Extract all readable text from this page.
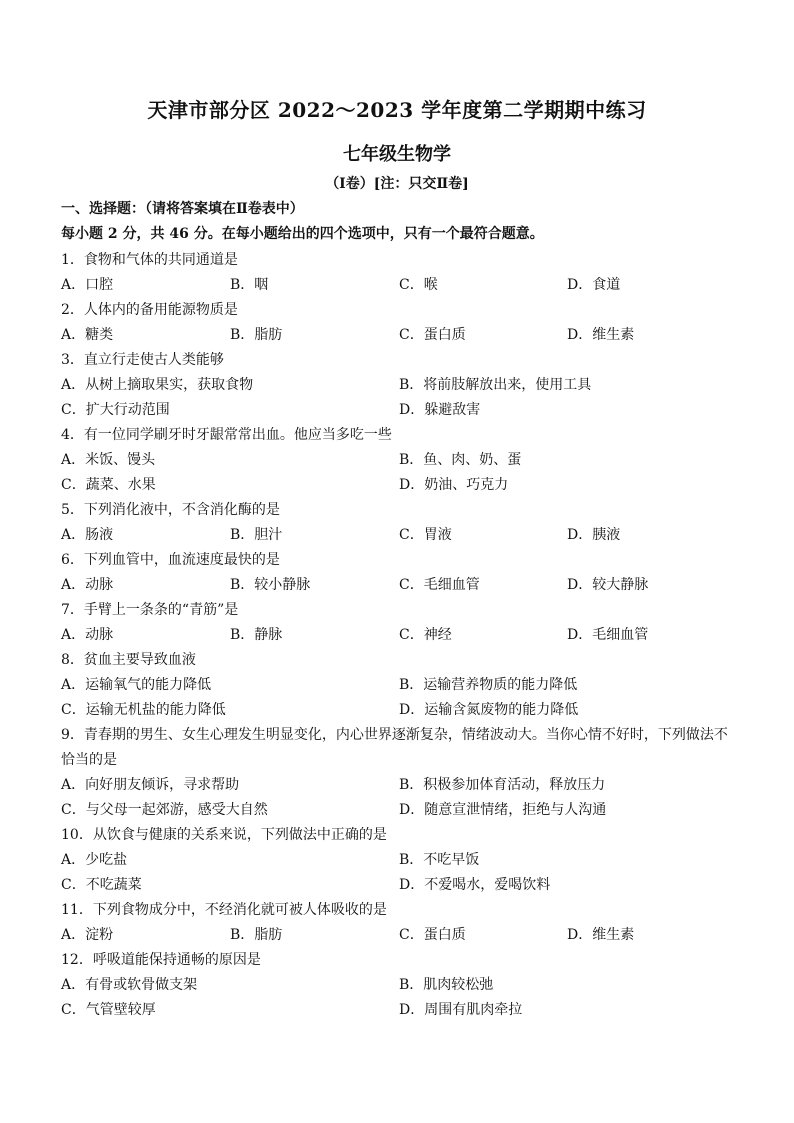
天津市部分区 2022～2023 学年度第二学期期中练习
七年级生物学
（Ⅰ卷）[注：只交Ⅱ卷]
一、选择题：（请将答案填在Ⅱ卷表中）
每小题 2 分，共 46 分。在每小题给出的四个选项中，只有一个最符合题意。
1．食物和气体的共同通道是
A．口腔	B．咽	C．喉	D．食道
2．人体内的备用能源物质是
A．糖类	B．脂肪	C．蛋白质	D．维生素
3．直立行走使古人类能够
A．从树上摘取果实，获取食物	B．将前肢解放出来，使用工具
C．扩大行动范围	D．躲避敌害
4．有一位同学刷牙时牙龈常常出血。他应当多吃一些
A．米饭、馒头	B．鱼、肉、奶、蛋
C．蔬菜、水果	D．奶油、巧克力
5．下列消化液中，不含消化酶的是
A．肠液	B．胆汁	C．胃液	D．胰液
6．下列血管中，血流速度最快的是
A．动脉	B．较小静脉	C．毛细血管	D．较大静脉
7．手臂上一条条的“青筋”是
A．动脉	B．静脉	C．神经	D．毛细血管
8．贫血主要导致血液
A．运输氧气的能力降低	B．运输营养物质的能力降低
C．运输无机盐的能力降低	D．运输含氮废物的能力降低
9．青春期的男生、女生心理发生明显变化，内心世界逐渐复杂，情绪波动大。当你心情不好时，下列做法不恰当的是
A．向好朋友倾诉，寻求帮助	B．积极参加体育活动，释放压力
C．与父母一起郊游，感受大自然	D．随意宣泄情绪，拒绝与人沟通
10．从饮食与健康的关系来说，下列做法中正确的是
A．少吃盐	B．不吃早饭
C．不吃蔬菜	D．不爱喝水，爱喝饮料
11．下列食物成分中，不经消化就可被人体吸收的是
A．淀粉	B．脂肪	C．蛋白质	D．维生素
12．呼吸道能保持通畅的原因是
A．有骨或软骨做支架	B．肌肉较松弛
C．气管壁较厚	D．周围有肌肉牵拉
